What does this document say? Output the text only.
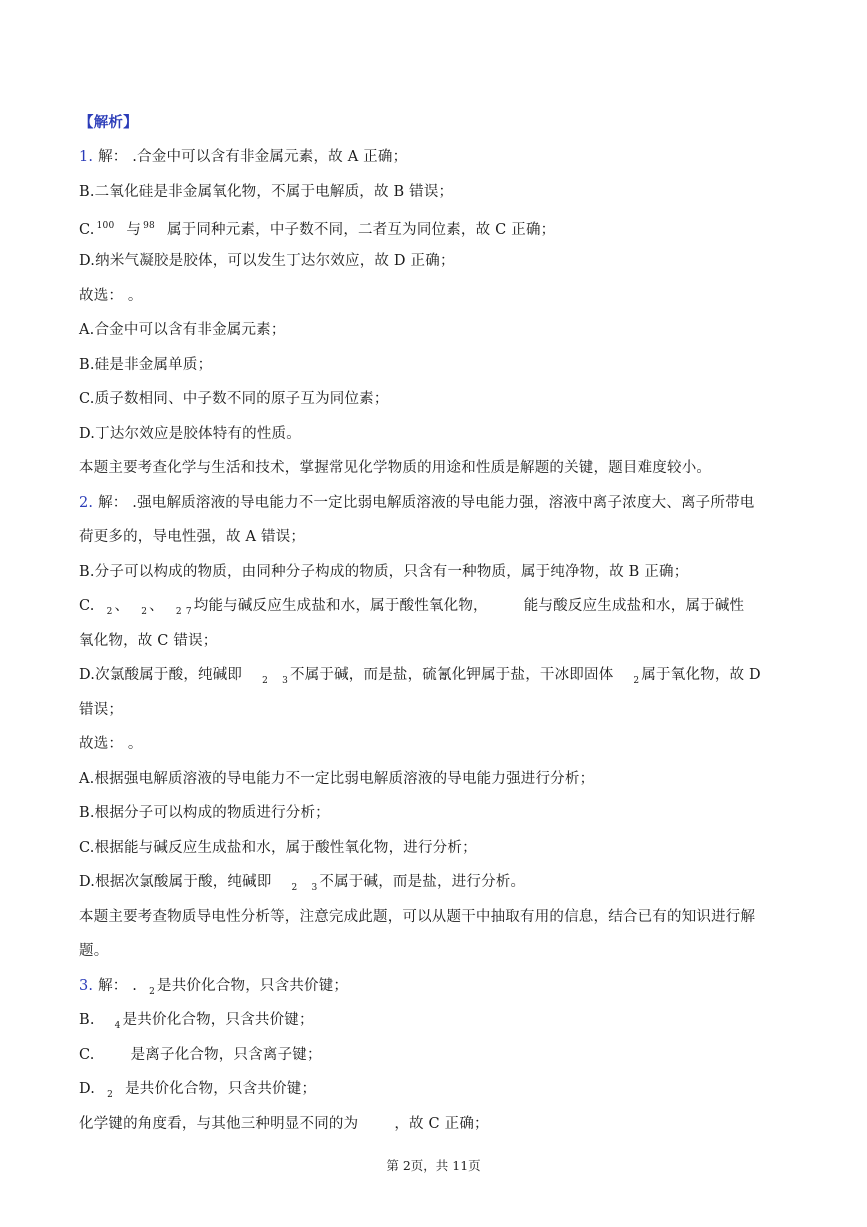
【解析】
1. 解： .合金中可以含有非金属元素，故 A 正确；
B.二氧化硅是非金属氧化物，不属于电解质，故 B 错误；
C. $^{100}$ 与 $^{98}$ 属于同种元素，中子数不同，二者互为同位素，故 C 正确；
D.纳米气凝胶是胶体，可以发生丁达尔效应，故 D 正确；
故选： 。
A.合金中可以含有非金属元素；
B.硅是非金属单质；
C.质子数相同、中子数不同的原子互为同位素；
D.丁达尔效应是胶体特有的性质。
本题主要考查化学与生活和技术，掌握常见化学物质的用途和性质是解题的关键，题目难度较小。
2. 解： .强电解质溶液的导电能力不一定比弱电解质溶液的导电能力强，溶液中离子浓度大、离子所带电
荷更多的，导电性强，故 A 错误；
B.分子可以构成的物质，由同种分子构成的物质，只含有一种物质，属于纯净物，故 B 正确；
C. $_2$ 、 $_2$ 、 $_2$ $_7$ 均能与碱反应生成盐和水，属于酸性氧化物， 能与酸反应生成盐和水，属于碱性
氧化物，故 C 错误；
D.次氯酸属于酸，纯碱即 $_2$ $_3$ 不属于碱，而是盐，硫氰化钾属于盐，干冰即固体 $_2$ 属于氧化物，故 D
错误；
故选： 。
A.根据强电解质溶液的导电能力不一定比弱电解质溶液的导电能力强进行分析；
B.根据分子可以构成的物质进行分析；
C.根据能与碱反应生成盐和水，属于酸性氧化物，进行分析；
D.根据次氯酸属于酸，纯碱即 $_2$ $_3$ 不属于碱，而是盐，进行分析。
本题主要考查物质导电性分析等，注意完成此题，可以从题干中抽取有用的信息，结合已有的知识进行解
题。
3. 解： . $_2$ 是共价化合物，只含共价键；
B. $_4$ 是共价化合物，只含共价键；
C. 是离子化合物，只含离子键；
D. $_2$ 是共价化合物，只含共价键；
化学键的角度看，与其他三种明显不同的为 ，故 C 正确；
第 2页，共 11页
